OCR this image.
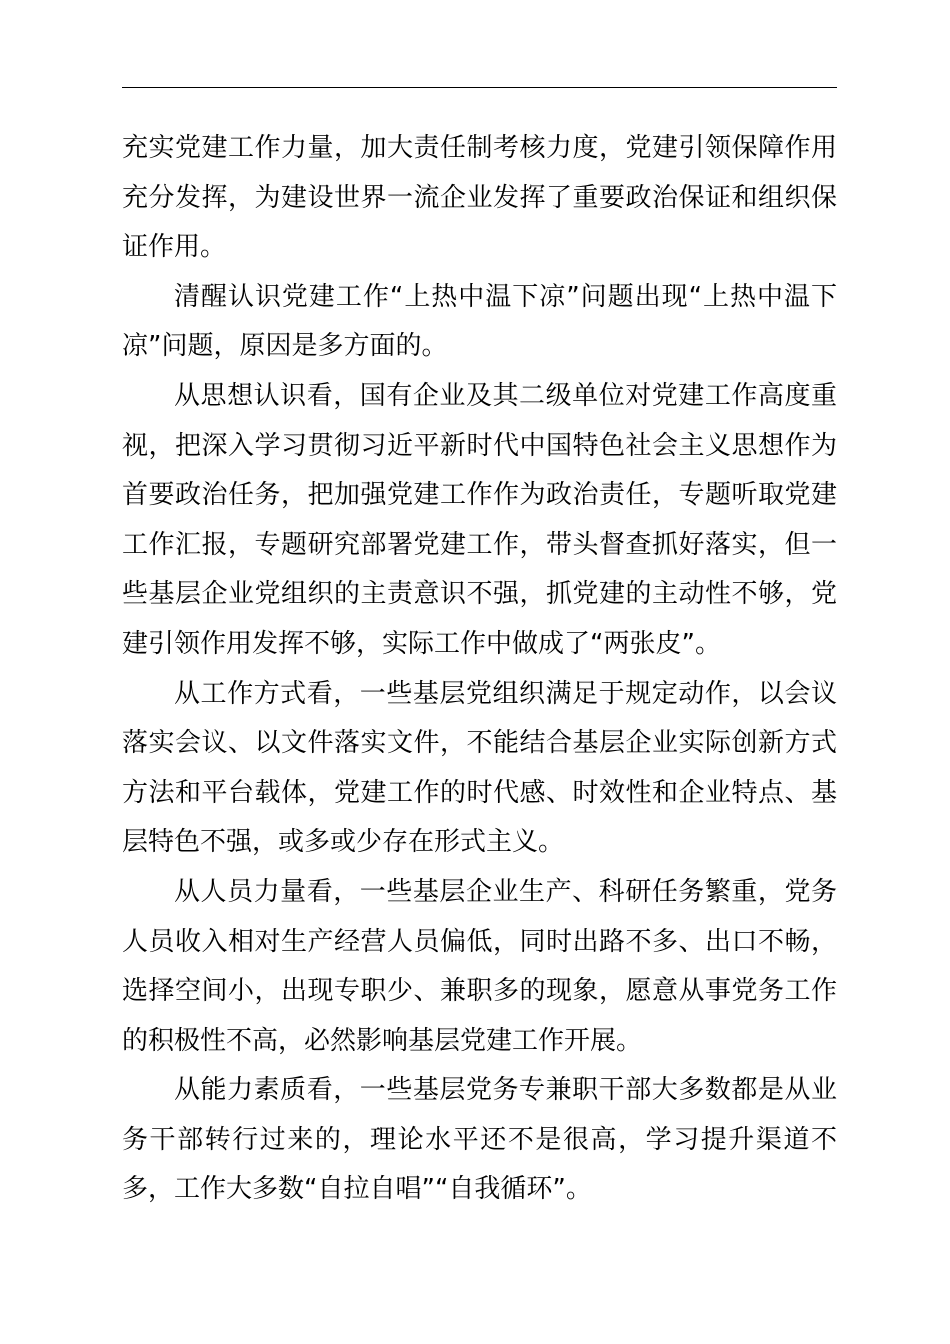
充实党建工作力量，加大责任制考核力度，党建引领保障作用充分发挥，为建设世界一流企业发挥了重要政治保证和组织保证作用。

清醒认识党建工作“上热中温下凉”问题出现“上热中温下凉”问题，原因是多方面的。

从思想认识看，国有企业及其二级单位对党建工作高度重视，把深入学习贯彻习近平新时代中国特色社会主义思想作为首要政治任务，把加强党建工作作为政治责任，专题听取党建工作汇报，专题研究部署党建工作，带头督查抓好落实，但一些基层企业党组织的主责意识不强，抓党建的主动性不够，党建引领作用发挥不够，实际工作中做成了“两张皮”。

从工作方式看，一些基层党组织满足于规定动作，以会议落实会议、以文件落实文件，不能结合基层企业实际创新方式方法和平台载体，党建工作的时代感、时效性和企业特点、基层特色不强，或多或少存在形式主义。

从人员力量看，一些基层企业生产、科研任务繁重，党务人员收入相对生产经营人员偏低，同时出路不多、出口不畅，选择空间小，出现专职少、兼职多的现象，愿意从事党务工作的积极性不高，必然影响基层党建工作开展。

从能力素质看，一些基层党务专兼职干部大多数都是从业务干部转行过来的，理论水平还不是很高，学习提升渠道不多，工作大多数“自拉自唱”“自我循环”。
